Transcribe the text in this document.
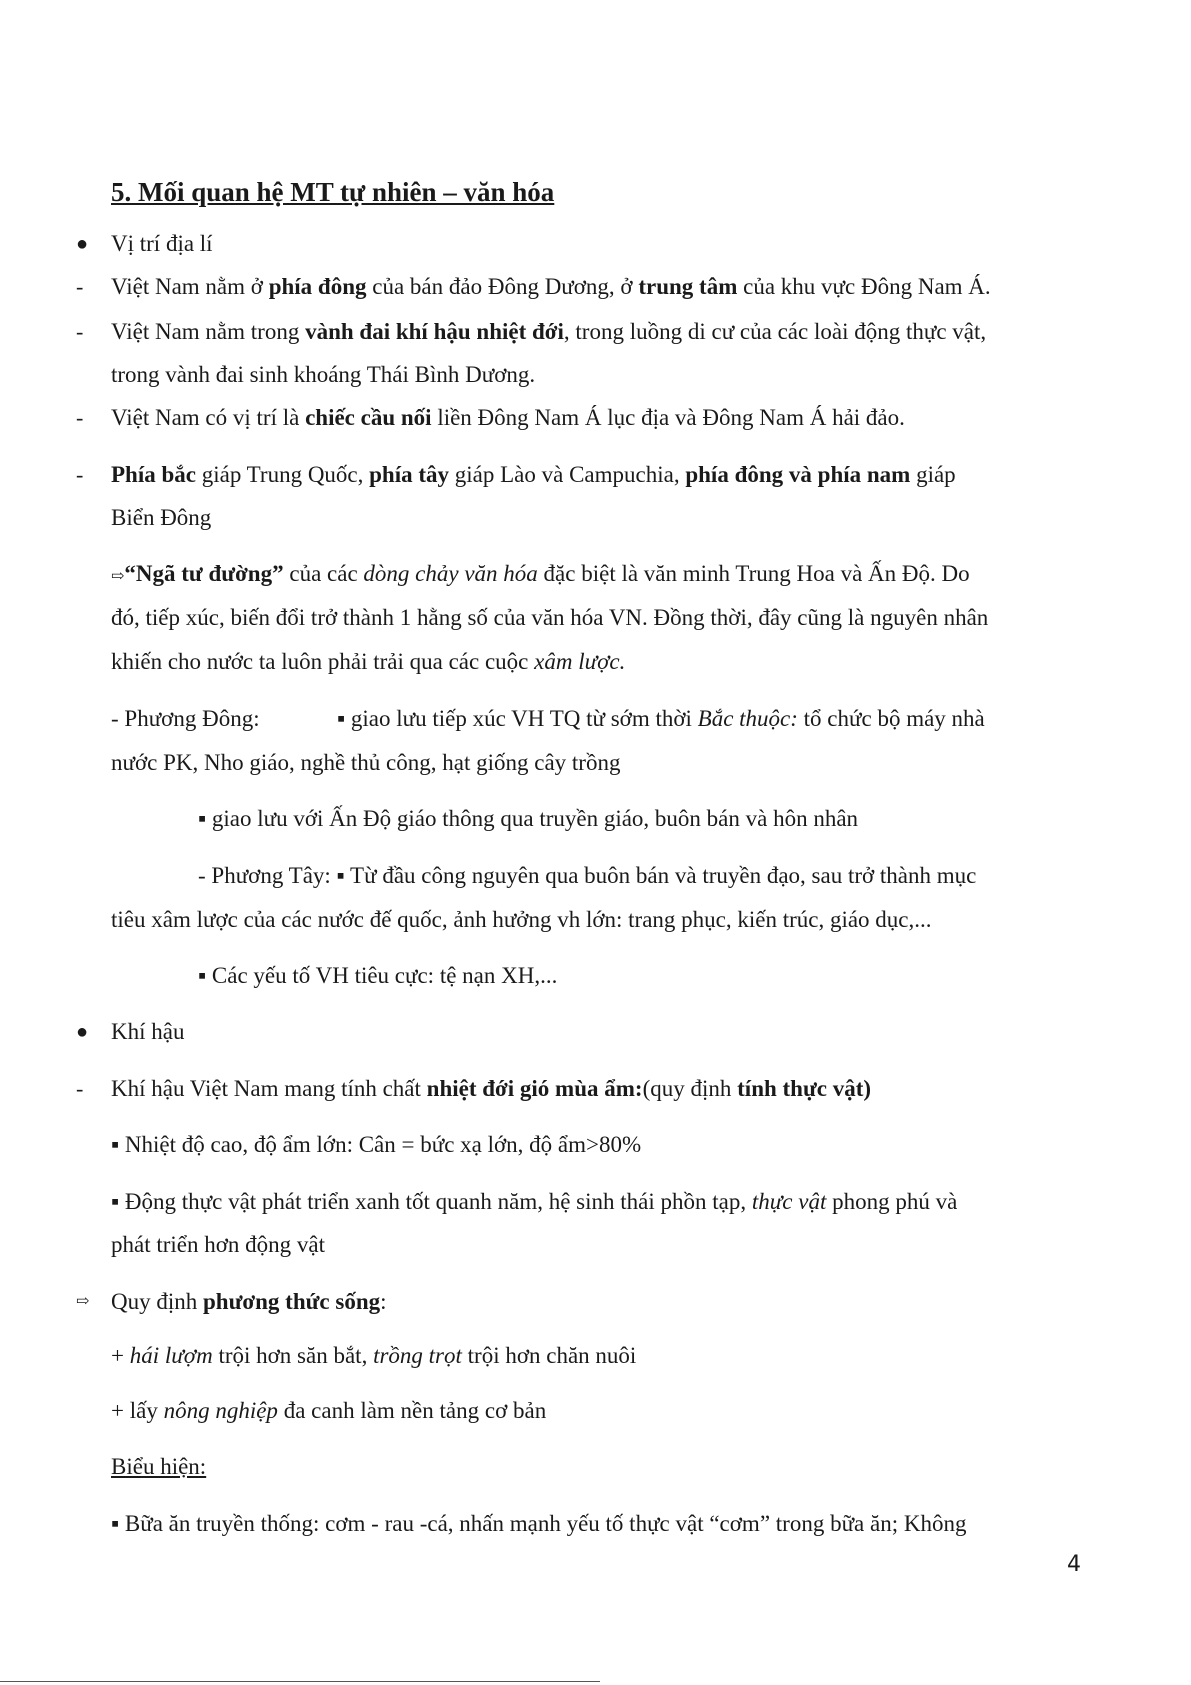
5. Mối quan hệ MT tự nhiên – văn hóa
● Vị trí địa lí
- Việt Nam nằm ở phía đông của bán đảo Đông Dương, ở trung tâm của khu vực Đông Nam Á.
- Việt Nam nằm trong vành đai khí hậu nhiệt đới, trong luồng di cư của các loài động thực vật,
trong vành đai sinh khoáng Thái Bình Dương.
- Việt Nam có vị trí là chiếc cầu nối liền Đông Nam Á lục địa và Đông Nam Á hải đảo.
- Phía bắc giáp Trung Quốc, phía tây giáp Lào và Campuchia, phía đông và phía nam giáp
Biển Đông
⇨“Ngã tư đường” của các dòng chảy văn hóa đặc biệt là văn minh Trung Hoa và Ấn Độ. Do
đó, tiếp xúc, biến đổi trở thành 1 hằng số của văn hóa VN. Đồng thời, đây cũng là nguyên nhân
khiến cho nước ta luôn phải trải qua các cuộc xâm lược.
- Phương Đông:	▪ giao lưu tiếp xúc VH TQ từ sớm thời Bắc thuộc: tổ chức bộ máy nhà
nước PK, Nho giáo, nghề thủ công, hạt giống cây trồng
▪ giao lưu với Ấn Độ giáo thông qua truyền giáo, buôn bán và hôn nhân
- Phương Tây: ▪ Từ đầu công nguyên qua buôn bán và truyền đạo, sau trở thành mục
tiêu xâm lược của các nước đế quốc, ảnh hưởng vh lớn: trang phục, kiến trúc, giáo dục,...
▪ Các yếu tố VH tiêu cực: tệ nạn XH,...
● Khí hậu
- Khí hậu Việt Nam mang tính chất nhiệt đới gió mùa ẩm:(quy định tính thực vật)
▪ Nhiệt độ cao, độ ẩm lớn: Cân = bức xạ lớn, độ ẩm>80%
▪ Động thực vật phát triển xanh tốt quanh năm, hệ sinh thái phồn tạp, thực vật phong phú và
phát triển hơn động vật
⇨ Quy định phương thức sống:
+ hái lượm trội hơn săn bắt, trồng trọt trội hơn chăn nuôi
+ lấy nông nghiệp đa canh làm nền tảng cơ bản
Biểu hiện:
▪ Bữa ăn truyền thống: cơm - rau -cá, nhấn mạnh yếu tố thực vật “cơm” trong bữa ăn; Không
4
